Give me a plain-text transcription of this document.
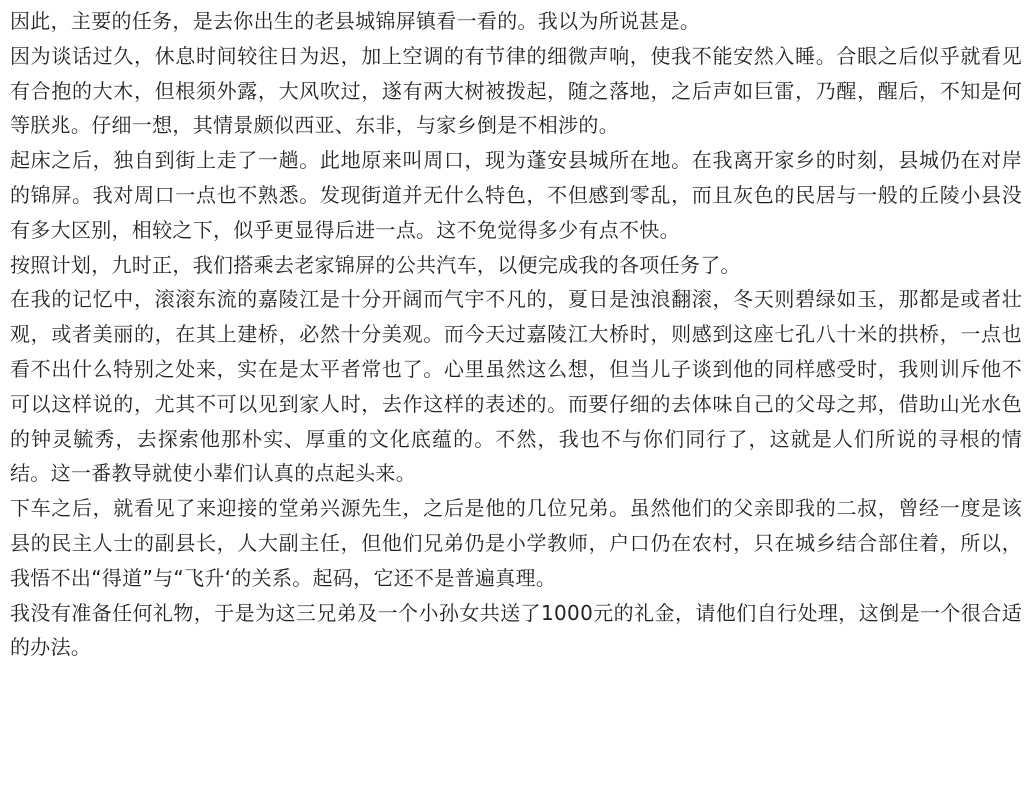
因此，主要的任务，是去你出生的老县城锦屏镇看一看的。我以为所说甚是。

因为谈话过久，休息时间较往日为迟，加上空调的有节律的细微声响，使我不能安然入睡。合眼之后似乎就看见有合抱的大木，但根须外露，大风吹过，遂有两大树被拨起，随之落地，之后声如巨雷，乃醒，醒后，不知是何等朕兆。仔细一想，其情景颇似西亚、东非，与家乡倒是不相涉的。

起床之后，独自到街上走了一趟。此地原来叫周口，现为蓬安县城所在地。在我离开家乡的时刻，县城仍在对岸的锦屏。我对周口一点也不熟悉。发现街道并无什么特色，不但感到零乱，而且灰色的民居与一般的丘陵小县没有多大区别，相较之下，似乎更显得后进一点。这不免觉得多少有点不快。

按照计划，九时正，我们搭乘去老家锦屏的公共汽车，以便完成我的各项任务了。

在我的记忆中，滚滚东流的嘉陵江是十分开阔而气宇不凡的，夏日是浊浪翻滚，冬天则碧绿如玉，那都是或者壮观，或者美丽的，在其上建桥，必然十分美观。而今天过嘉陵江大桥时，则感到这座七孔八十米的拱桥，一点也看不出什么特别之处来，实在是太平者常也了。心里虽然这么想，但当儿子谈到他的同样感受时，我则训斥他不可以这样说的，尤其不可以见到家人时，去作这样的表述的。而要仔细的去体味自己的父母之邦，借助山光水色的钟灵毓秀，去探索他那朴实、厚重的文化底蕴的。不然，我也不与你们同行了，这就是人们所说的寻根的情结。这一番教导就使小辈们认真的点起头来。

下车之后，就看见了来迎接的堂弟兴源先生，之后是他的几位兄弟。虽然他们的父亲即我的二叔，曾经一度是该县的民主人士的副县长，人大副主任，但他们兄弟仍是小学教师，户口仍在农村，只在城乡结合部住着，所以，我悟不出“得道”与“飞升‘的关系。起码，它还不是普遍真理。

我没有准备任何礼物，于是为这三兄弟及一个小孙女共送了1000元的礼金，请他们自行处理，这倒是一个很合适的办法。
